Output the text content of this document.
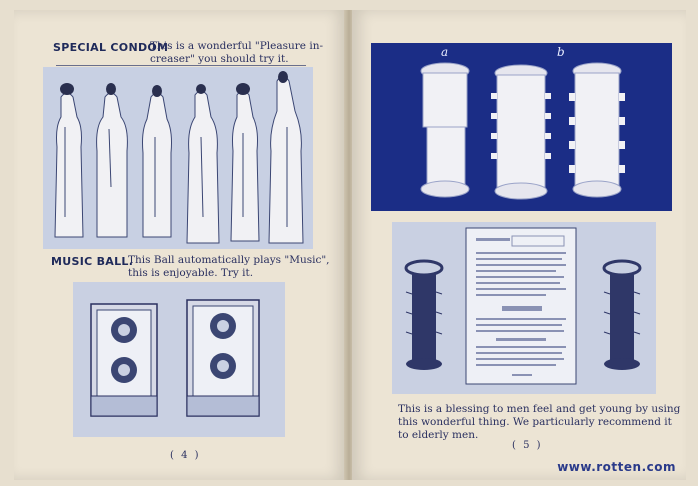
SPECIAL CONDOM
This is a wonderful "Pleasure in-
creaser" you should try it.
MUSIC BALL.
This Ball automatically plays "Music",
this is enjoyable. Try it.
( 4 )
a	b
This is a blessing to men feel and get young by using
this wonderful thing. We particularly recommend it
to elderly men.
( 5 )
www.rotten.com
